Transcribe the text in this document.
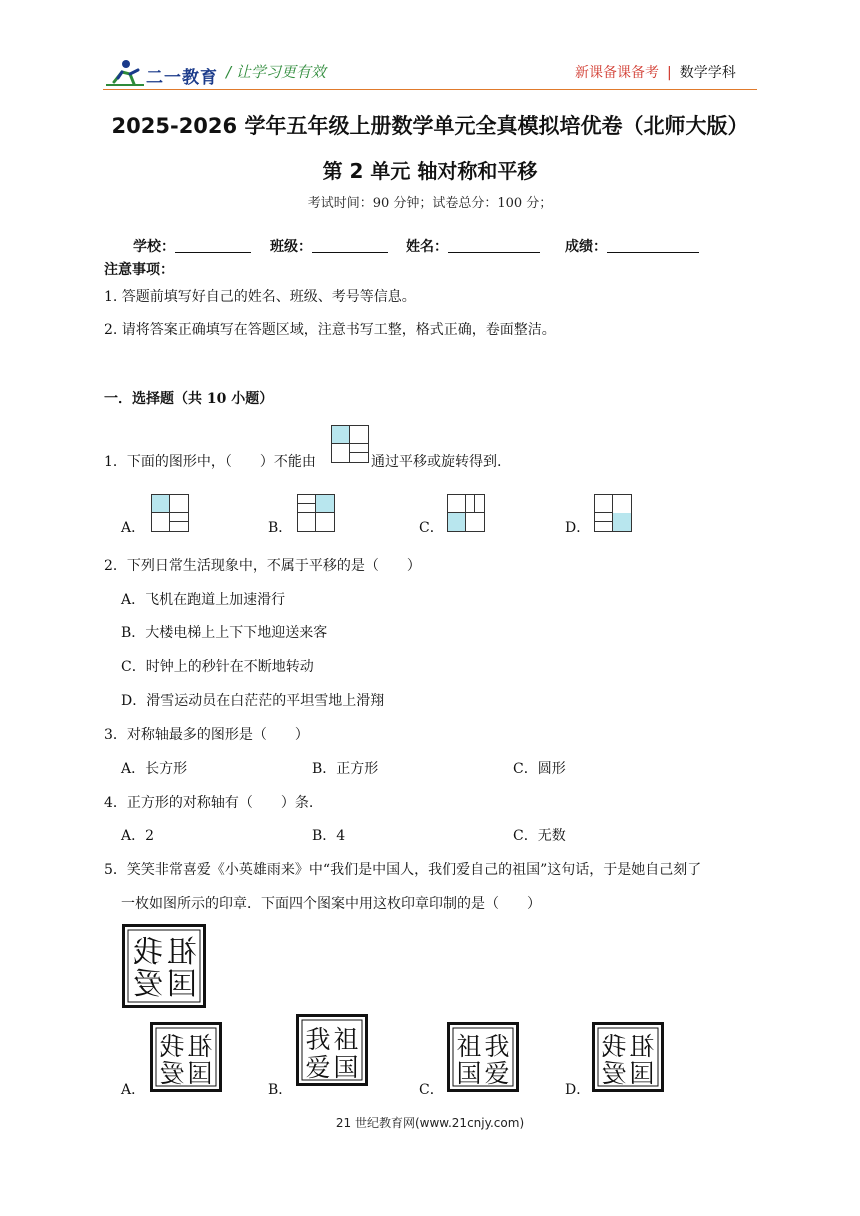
二一教育 / 让学习更有效	新课备课备考 | 数学学科
2025-2026 学年五年级上册数学单元全真模拟培优卷（北师大版）
第 2 单元 轴对称和平移
考试时间：90 分钟；试卷总分：100 分；
学校：	班级：	姓名：	成绩：
注意事项：
1. 答题前填写好自己的姓名、班级、考号等信息。
2. 请将答案正确填写在答题区域，注意书写工整，格式正确，卷面整洁。
一．选择题（共 10 小题）
1．下面的图形中，（　　）不能由	通过平移或旋转得到.
A．	B．	C．	D．
2．下列日常生活现象中，不属于平移的是（　　）
A．飞机在跑道上加速滑行
B．大楼电梯上上下下地迎送来客
C．时钟上的秒针在不断地转动
D．滑雪运动员在白茫茫的平坦雪地上滑翔
3．对称轴最多的图形是（　　）
A．长方形	B．正方形	C．圆形
4．正方形的对称轴有（　　）条.
A．2	B．4	C．无数
5．笑笑非常喜爱《小英雄雨来》中“我们是中国人，我们爱自己的祖国”这句话，于是她自己刻了
一枚如图所示的印章．下面四个图案中用这枚印章印制的是（　　）
祖我国爱
A．
祖
我
国
爱
B．
我 祖
爱 国
C．
祖 我
国 爱
D．
祖
我
国
爱
21 世纪教育网(www.21cnjy.com)
